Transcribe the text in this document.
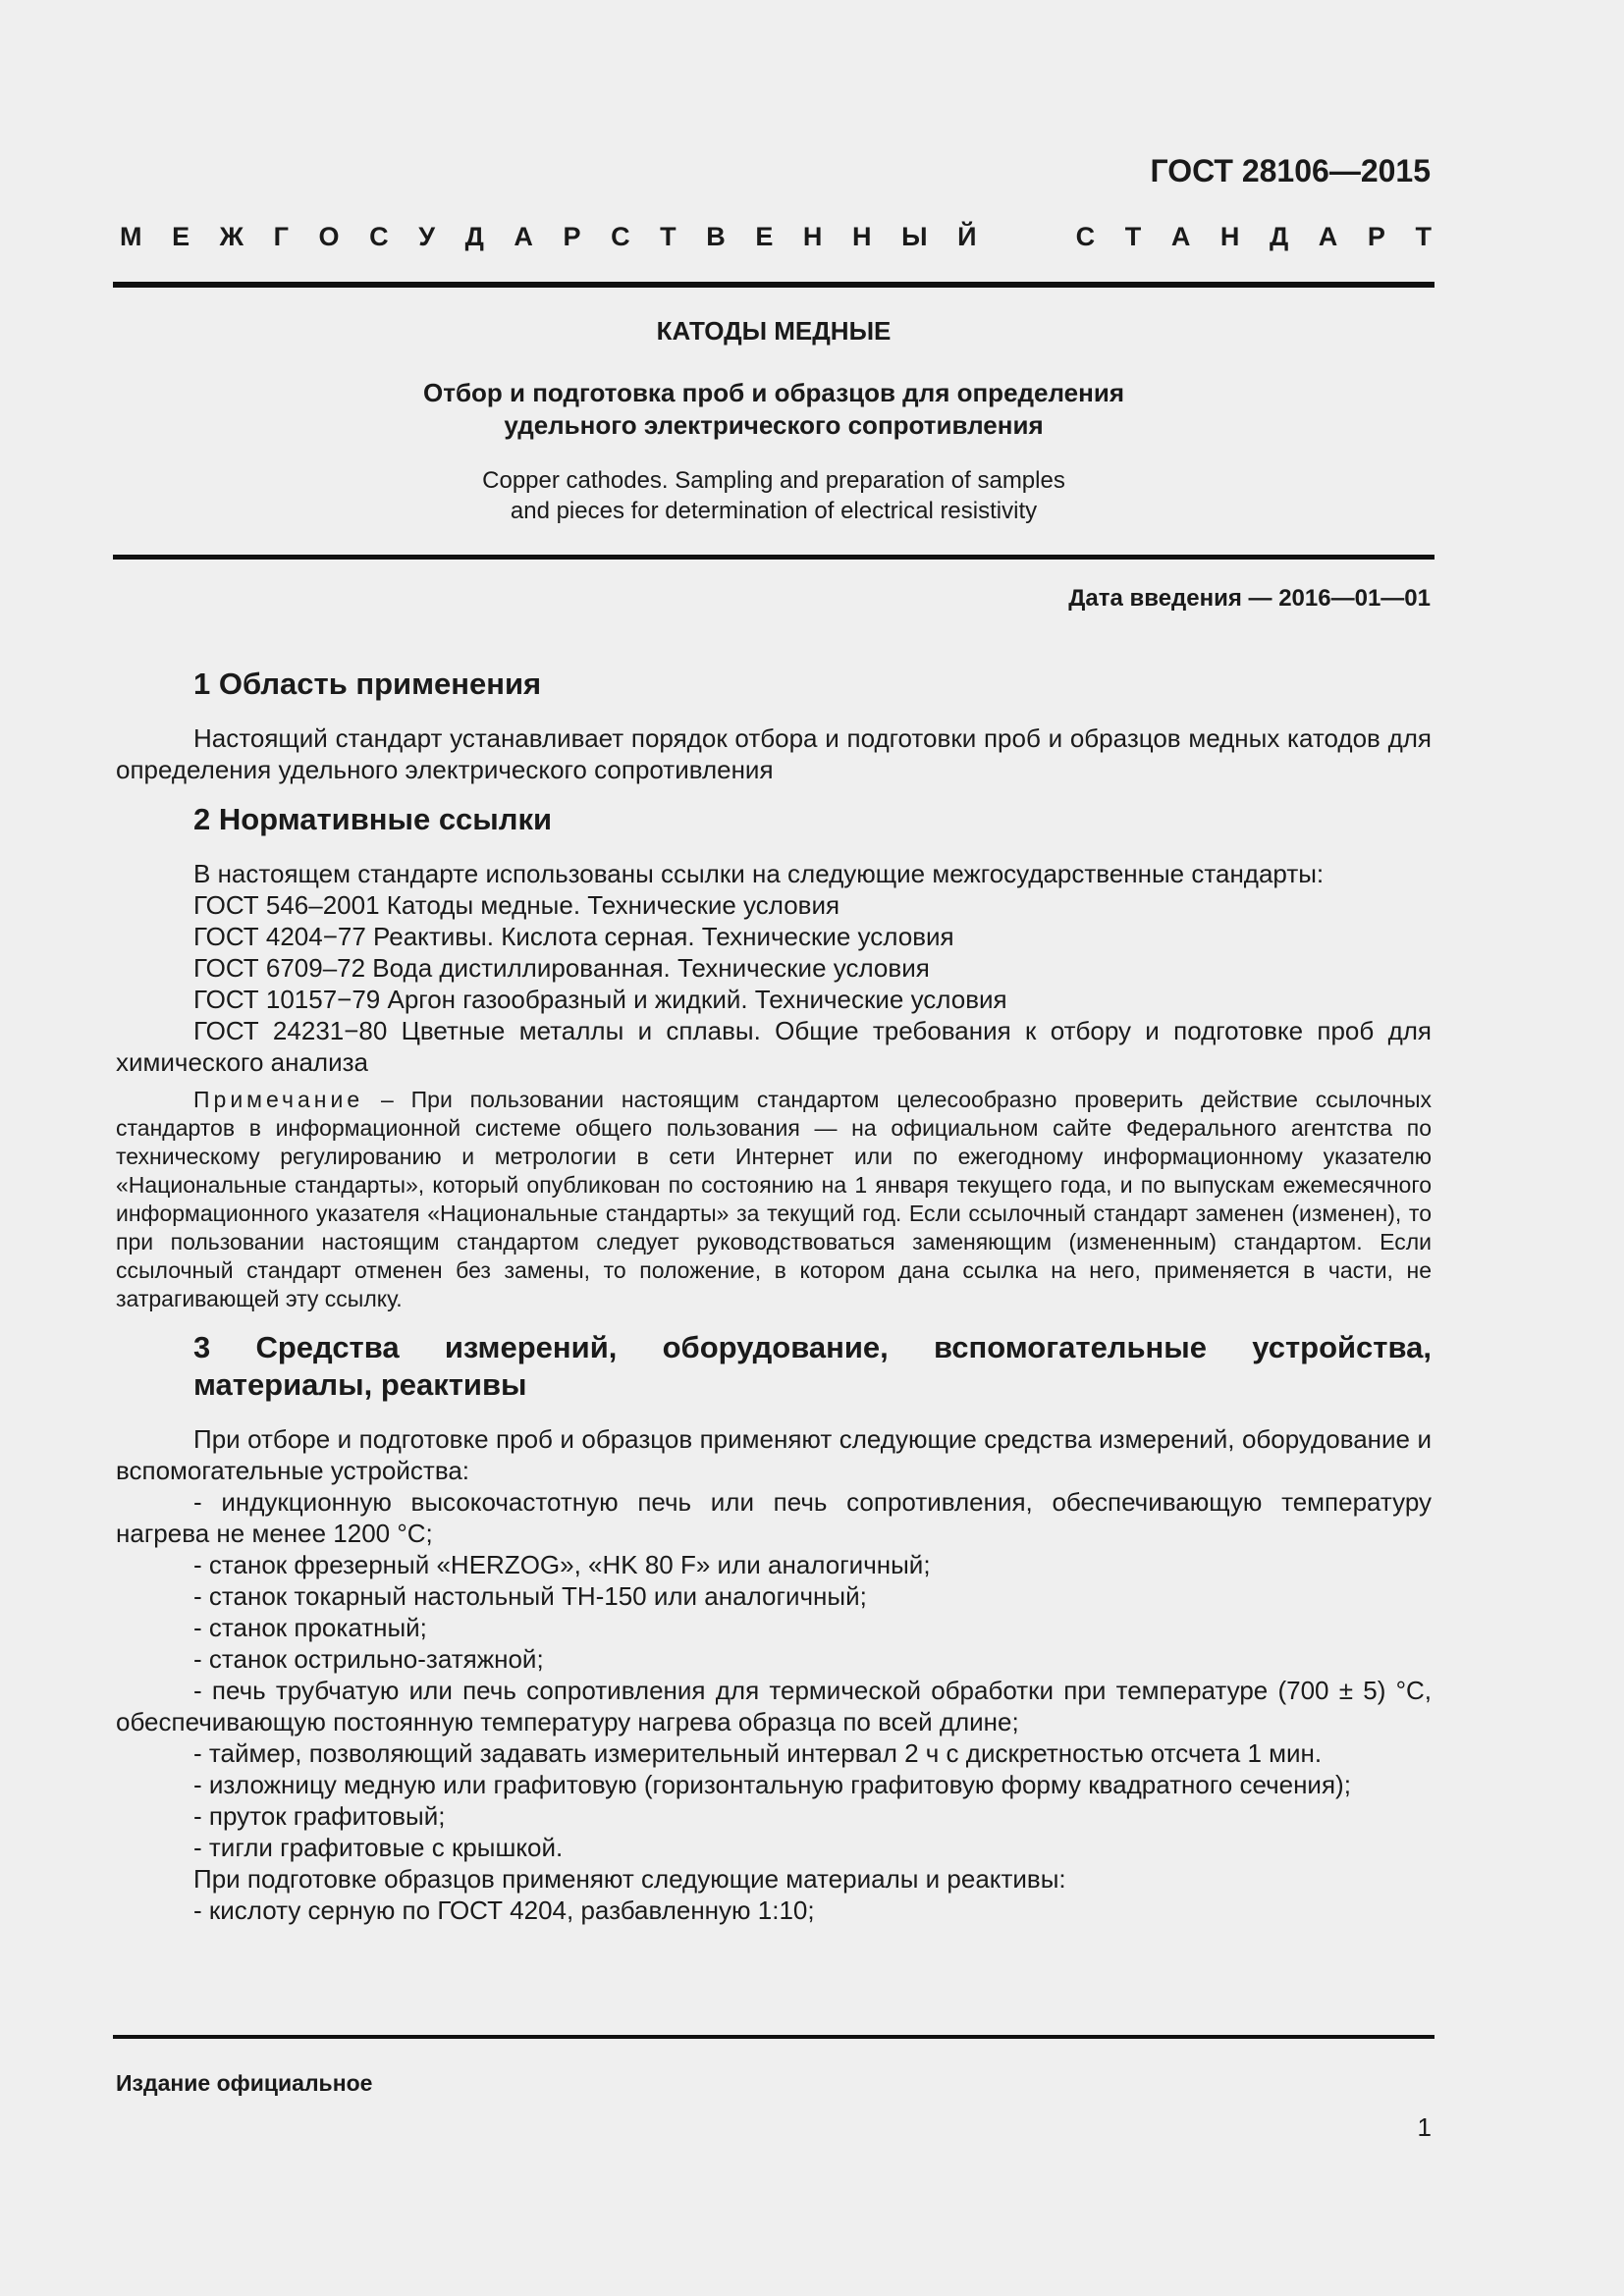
ГОСТ 28106—2015
М Е Ж Г О С У Д А Р С Т В Е Н Н Ы Й	С Т А Н Д А Р Т
КАТОДЫ МЕДНЫЕ
Отбор и подготовка проб и образцов для определения
удельного электрического сопротивления
Copper cathodes. Sampling and preparation of samples
and pieces for determination of electrical resistivity
Дата введения — 2016—01—01
1 Область применения

Настоящий стандарт устанавливает порядок отбора и подготовки проб и образцов медных катодов для определения удельного электрического сопротивления

2 Нормативные ссылки

В настоящем стандарте использованы ссылки на следующие межгосударственные стандарты:

ГОСТ 546–2001 Катоды медные. Технические условия
ГОСТ 4204−77 Реактивы. Кислота серная. Технические условия
ГОСТ 6709–72 Вода дистиллированная. Технические условия
ГОСТ 10157−79 Аргон газообразный и жидкий. Технические условия
ГОСТ 24231−80 Цветные металлы и сплавы. Общие требования к отбору и подготовке проб для химического анализа

Примечание – При пользовании настоящим стандартом целесообразно проверить действие ссылочных стандартов в информационной системе общего пользования — на официальном сайте Федерального агентства по техническому регулированию и метрологии в сети Интернет или по ежегодному информационному указателю «Национальные стандарты», который опубликован по состоянию на 1 января текущего года, и по выпускам ежемесячного информационного указателя «Национальные стандарты» за текущий год. Если ссылочный стандарт заменен (изменен), то при пользовании настоящим стандартом следует руководствоваться заменяющим (измененным) стандартом. Если ссылочный стандарт отменен без замены, то положение, в котором дана ссылка на него, применяется в части, не затрагивающей эту ссылку.

3 Средства измерений, оборудование, вспомогательные устройства, материалы, реактивы

При отборе и подготовке проб и образцов применяют следующие средства измерений, оборудование и вспомогательные устройства:

- индукционную высокочастотную печь или печь сопротивления, обеспечивающую температуру нагрева не менее 1200 °С;
- станок фрезерный «HERZOG», «HK 80 F» или аналогичный;
- станок токарный настольный ТН-150 или аналогичный;
- станок прокатный;
- станок острильно-затяжной;
- печь трубчатую или печь сопротивления для термической обработки при температуре (700 ± 5) °С, обеспечивающую постоянную температуру нагрева образца по всей длине;
- таймер, позволяющий задавать измерительный интервал 2 ч с дискретностью отсчета 1 мин.
- изложницу медную или графитовую (горизонтальную графитовую форму квадратного сечения);
- пруток графитовый;
- тигли графитовые с крышкой.

При подготовке образцов применяют следующие материалы и реактивы:

- кислоту серную по ГОСТ 4204, разбавленную 1:10;
Издание официальное
1
